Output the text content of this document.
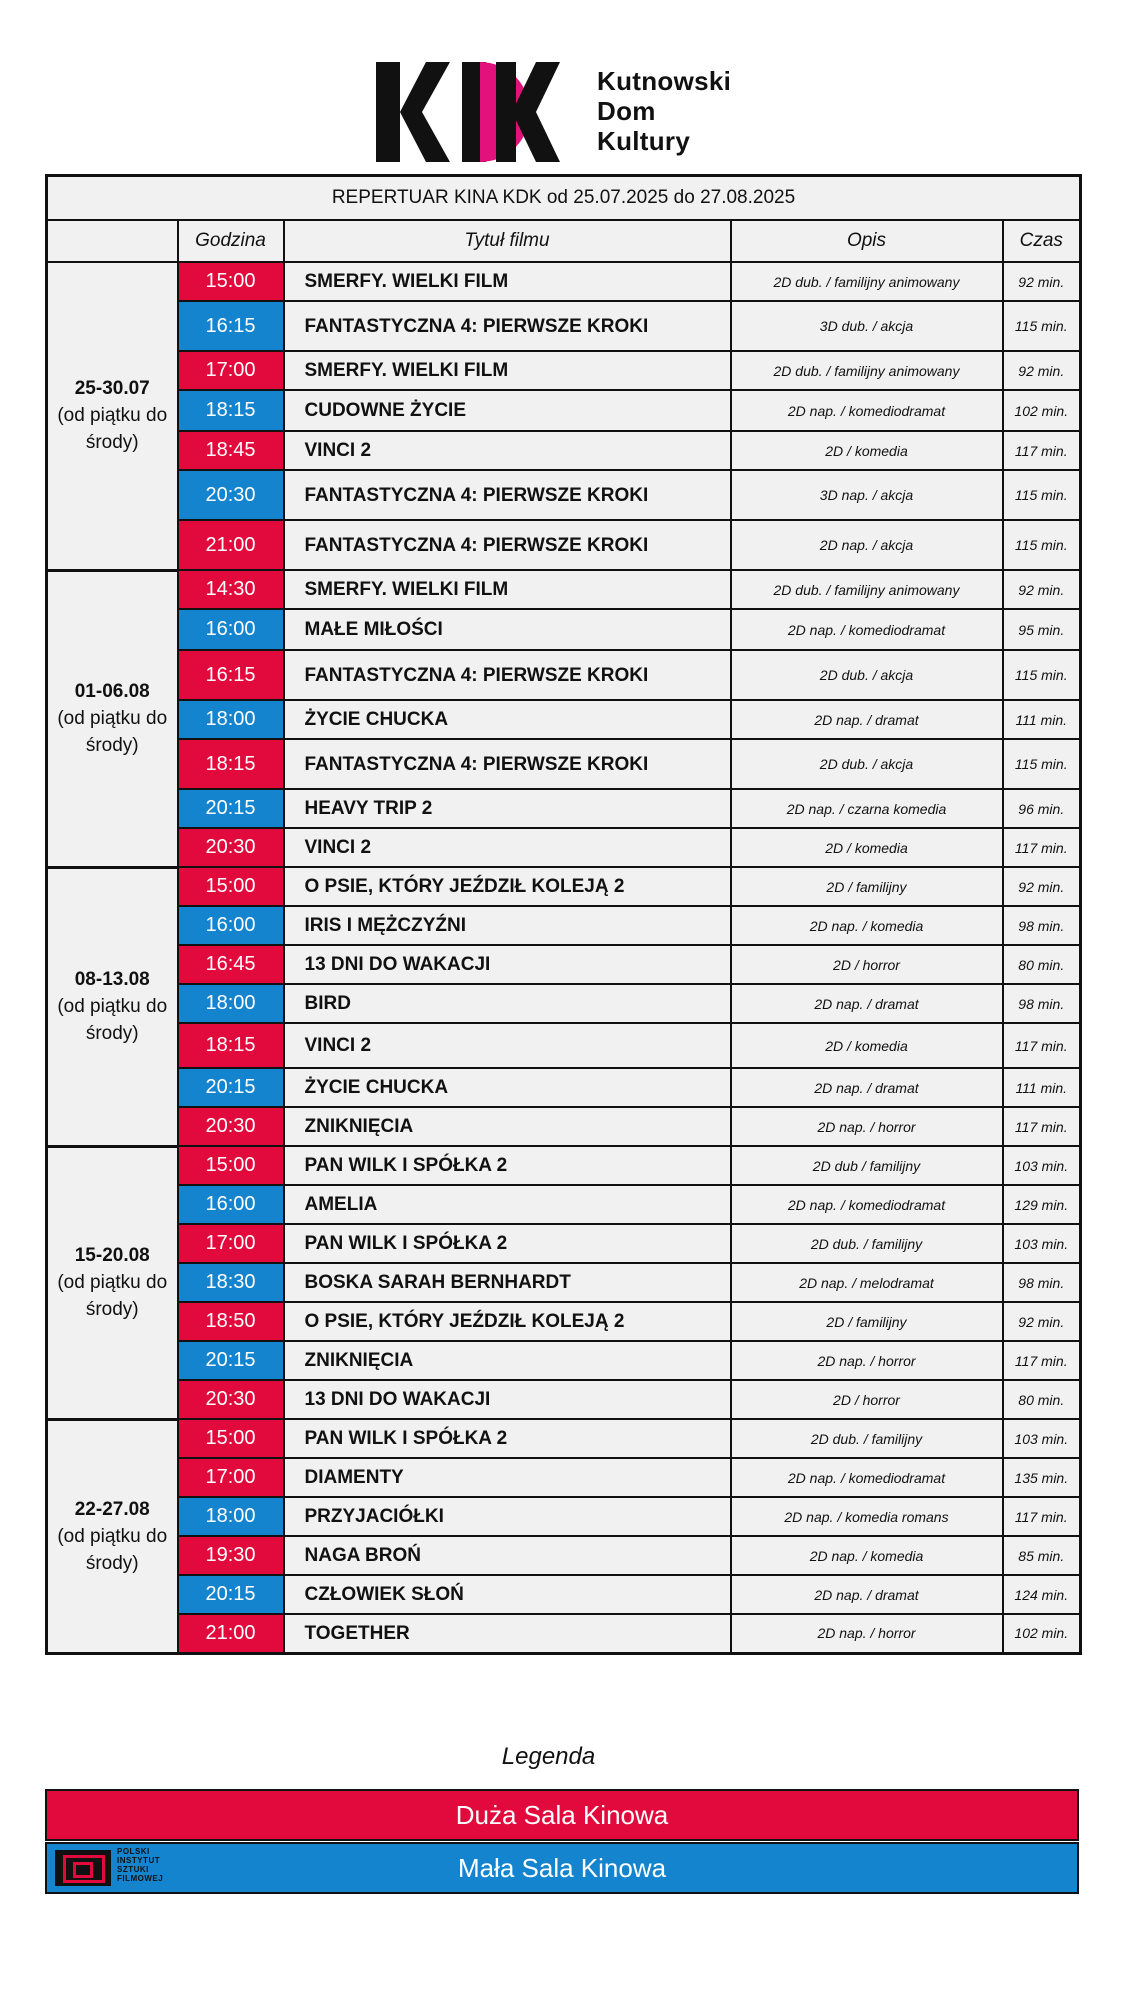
Kutnowski
Dom
Kultury
REPERTUAR KINA KDK od 25.07.2025 do 27.08.2025				
	Godzina	Tytuł filmu	Opis	Czas
25-30.07
(od piątku do środy)	15:00	SMERFY. WIELKI FILM	2D dub. / familijny animowany	92 min.
	16:15	FANTASTYCZNA 4: PIERWSZE KROKI	3D dub. / akcja	115 min.
	17:00	SMERFY. WIELKI FILM	2D dub. / familijny animowany	92 min.
	18:15	CUDOWNE ŻYCIE	2D nap. / komediodramat	102 min.
	18:45	VINCI 2	2D / komedia	117 min.
	20:30	FANTASTYCZNA 4: PIERWSZE KROKI	3D nap. / akcja	115 min.
	21:00	FANTASTYCZNA 4: PIERWSZE KROKI	2D nap. / akcja	115 min.
01-06.08
(od piątku do środy)	14:30	SMERFY. WIELKI FILM	2D dub. / familijny animowany	92 min.
	16:00	MAŁE MIŁOŚCI	2D nap. / komediodramat	95 min.
	16:15	FANTASTYCZNA 4: PIERWSZE KROKI	2D dub. / akcja	115 min.
	18:00	ŻYCIE CHUCKA	2D nap. / dramat	111 min.
	18:15	FANTASTYCZNA 4: PIERWSZE KROKI	2D dub. / akcja	115 min.
	20:15	HEAVY TRIP 2	2D nap. / czarna komedia	96 min.
	20:30	VINCI 2	2D / komedia	117 min.
08-13.08
(od piątku do środy)	15:00	O PSIE, KTÓRY JEŹDZIŁ KOLEJĄ 2	2D / familijny	92 min.
	16:00	IRIS I MĘŻCZYŹNI	2D nap. / komedia	98 min.
	16:45	13 DNI DO WAKACJI	2D / horror	80 min.
	18:00	BIRD	2D nap. / dramat	98 min.
	18:15	VINCI 2	2D / komedia	117 min.
	20:15	ŻYCIE CHUCKA	2D nap. / dramat	111 min.
	20:30	ZNIKNIĘCIA	2D nap. / horror	117 min.
15-20.08
(od piątku do środy)	15:00	PAN WILK I SPÓŁKA 2	2D dub / familijny	103 min.
	16:00	AMELIA	2D nap. / komediodramat	129 min.
	17:00	PAN WILK I SPÓŁKA 2	2D dub. / familijny	103 min.
	18:30	BOSKA SARAH BERNHARDT	2D nap. / melodramat	98 min.
	18:50	O PSIE, KTÓRY JEŹDZIŁ KOLEJĄ 2	2D / familijny	92 min.
	20:15	ZNIKNIĘCIA	2D nap. / horror	117 min.
	20:30	13 DNI DO WAKACJI	2D / horror	80 min.
22-27.08
(od piątku do środy)	15:00	PAN WILK I SPÓŁKA 2	2D dub. / familijny	103 min.
	17:00	DIAMENTY	2D nap. / komediodramat	135 min.
	18:00	PRZYJACIÓŁKI	2D nap. / komedia romans	117 min.
	19:30	NAGA BROŃ	2D nap. / komedia	85 min.
	20:15	CZŁOWIEK SŁOŃ	2D nap. / dramat	124 min.
	21:00	TOGETHER	2D nap. / horror	102 min.
Legenda
Duża Sala Kinowa
Mała Sala Kinowa
POLSKI
INSTYTUT
SZTUKI
FILMOWEJ
